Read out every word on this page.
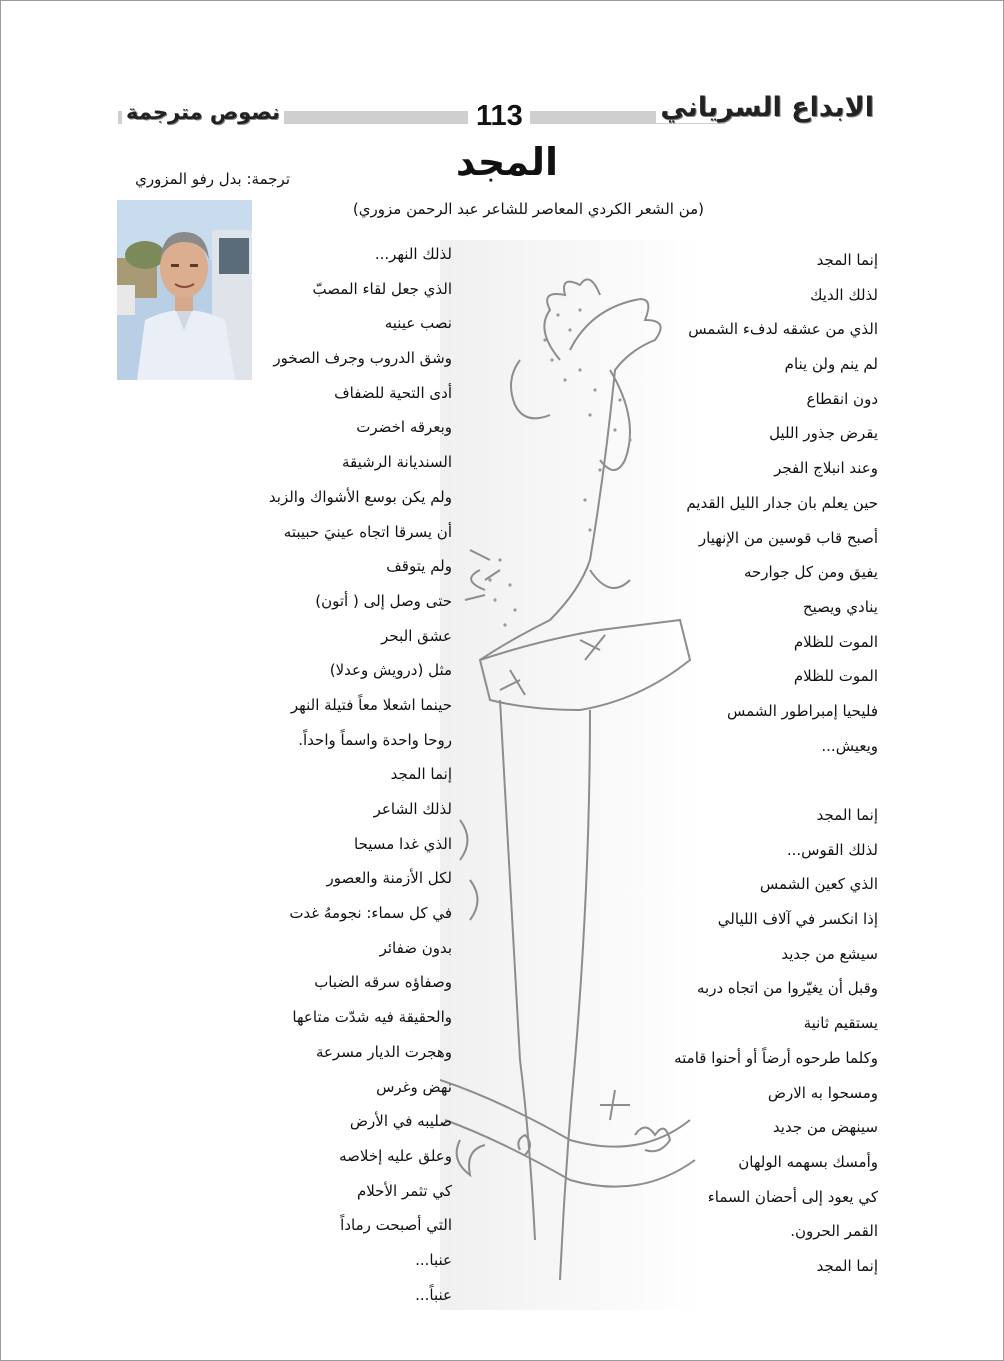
نصوص مترجمة	الابداع السرياني
113
المجد
ترجمة: بدل رفو المزوري
(من الشعر الكردي المعاصر للشاعر عبد الرحمن مزوري)
إنما المجد
لذلك الديك
الذي من عشقه لدفء الشمس
لم ينم ولن ينام
دون انقطاع
يقرض جذور الليل
وعند انبلاج الفجر
حين يعلم بان جدار الليل القديم
أصبح قاب قوسين من الإنهيار
يفيق ومن كل جوارحه
ينادي ويصيح
الموت للظلام
الموت للظلام
فليحيا إمبراطور الشمس
ويعيش...
إنما المجد
لذلك القوس...
الذي كعين الشمس
إذا انكسر في آلاف الليالي
سيشع من جديد
وقبل أن يغيّروا من اتجاه دربه
يستقيم ثانية
وكلما طرحوه أرضاً أو أحنوا قامته
ومسحوا به الارض
سينهض من جديد
وأمسك بسهمه الولهان
كي يعود إلى أحضان السماء
القمر الحرون.
إنما المجد
لذلك النهر...
الذي جعل لقاء المصبّ
نصب عينيه
وشق الدروب وجرف الصخور
أدى التحية للضفاف
وبعرقه اخضرت
السنديانة الرشيقة
ولم يكن بوسع الأشواك والزبد
أن يسرقا اتجاه عينيَ حبيبته
ولم يتوقف
حتى وصل إلى ( أتون)
عشق البحر
مثل (درويش وعدلا)
حينما اشعلا معاً فتيلة النهر
روحا واحدة واسماً واحداً.
إنما المجد
لذلك الشاعر
الذي غدا مسيحا
لكل الأزمنة والعصور
في كل سماء: نجومهُ غدت
بدون ضفائر
وصفاؤه سرقه الضباب
والحقيقة فيه شدّت متاعها
وهجرت الديار مسرعة
نهض وغرس
صليبه في الأرض
وعلق عليه إخلاصه
كي تثمر الأحلام
التي أصبحت رماداً
عنبا...
عنباً...
